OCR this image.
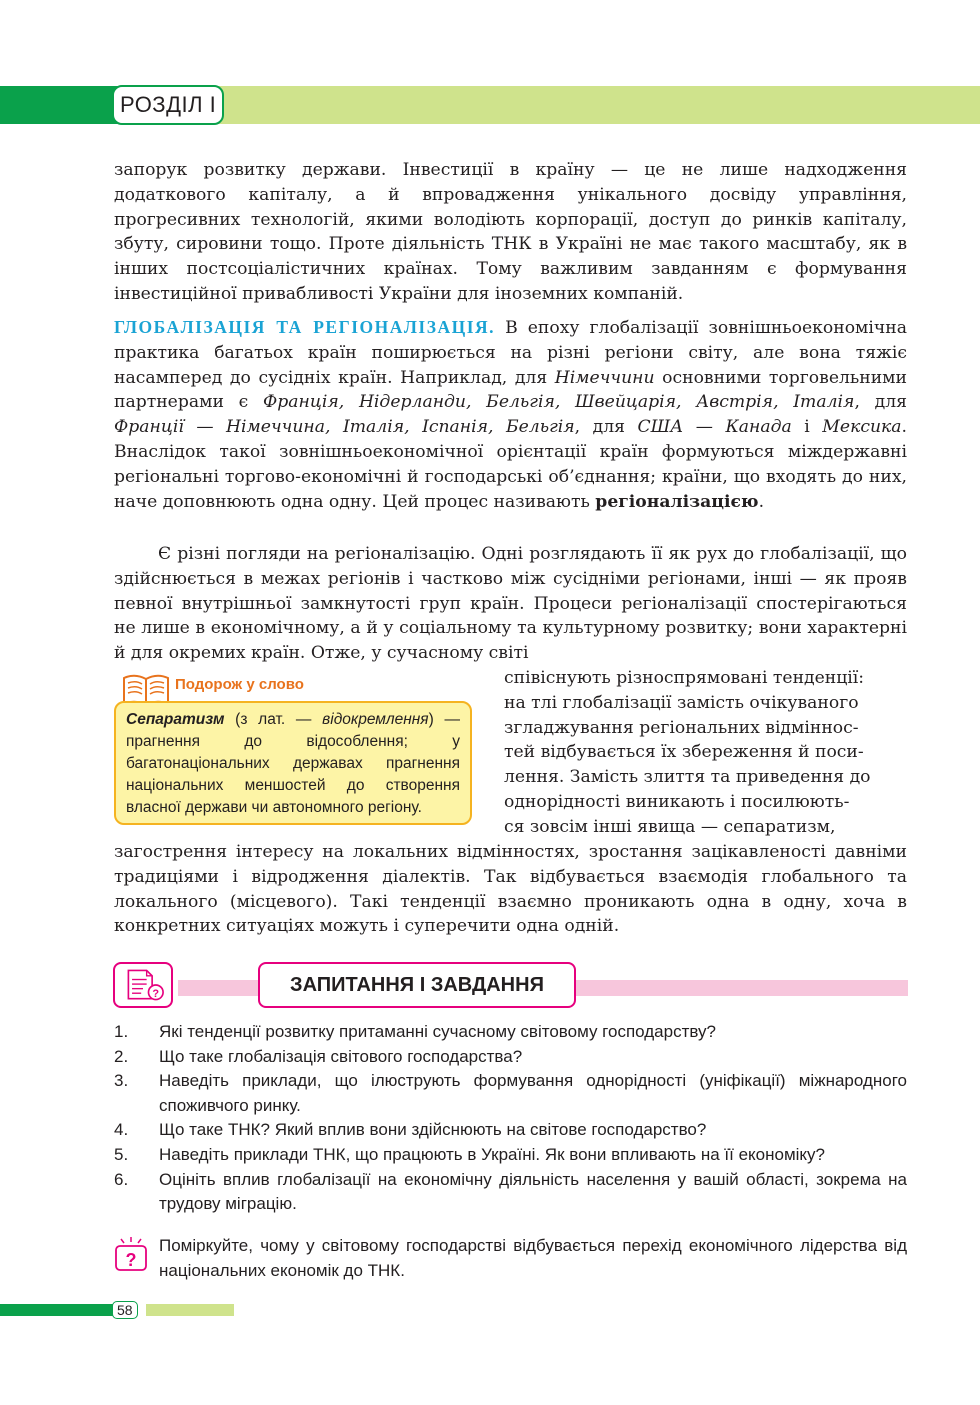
РОЗДІЛ I

запорук розвитку держави. Інвестиції в країну — це не лише надходження додаткового капіталу, а й впровадження унікального досвіду управління, прогресивних технологій, якими володіють корпорації, доступ до ринків капіталу, збуту, сировини тощо. Проте діяльність ТНК в Україні не має такого масштабу, як в інших постсоціалістичних країнах. Тому важливим завданням є формування інвестиційної привабливості України для іноземних компаній.

ГЛОБАЛІЗАЦІЯ ТА РЕГІОНАЛІЗАЦІЯ. В епоху глобалізації зовнішньоекономічна практика багатьох країн поширюється на різні регіони світу, але вона тяжіє насамперед до сусідніх країн. Наприклад, для Німеччини основними торговельними партнерами є Франція, Нідерланди, Бельгія, Швейцарія, Австрія, Італія, для Франції — Німеччина, Італія, Іспанія, Бельгія, для США — Канада і Мексика. Внаслідок такої зовнішньоекономічної орієнтації країн формуються міждержавні регіональні торгово-економічні й господарські об’єднання; країни, що входять до них, наче доповнюють одна одну. Цей процес називають регіоналізацією.

Є різні погляди на регіоналізацію. Одні розглядають її як рух до глобалізації, що здійснюється в межах регіонів і частково між сусідніми регіонами, інші — як прояв певної внутрішньої замкнутості груп країн. Процеси регіоналізації спостерігаються не лише в економічному, а й у соціальному та культурному розвитку; вони характерні й для окремих країн. Отже, у сучасному світі

співіснують різноспрямовані тенденції:
на тлі глобалізації замість очікуваного
згладжування регіональних відміннос-
тей відбувається їх збереження й поси-
лення. Замість злиття та приведення до
однорідності виникають і посилюють-
ся зовсім інші явища — сепаратизм,
Подорож у слово
Сепаратизм (з лат. — відокремлення) — прагнення до відособлення; у багатонаціональних державах прагнення національних меншостей до створення власної держави чи автономного регіону.

загострення інтересу на локальних відмінностях, зростання зацікавленості давніми традиціями і відродження діалектів. Так відбувається взаємодія глобального та локального (місцевого). Такі тенденції взаємно проникають одна в одну, хоча в конкретних ситуаціях можуть і суперечити одна одній.

?	ЗАПИТАННЯ І ЗАВДАННЯ
1.	Які тенденції розвитку притаманні сучасному світовому господарству?
2.	Що таке глобалізація світового господарства?
3.	Наведіть приклади, що ілюструють формування однорідності (уніфікації) міжнародного споживчого ринку.
4.	Що таке ТНК? Який вплив вони здійснюють на світове господарство?
5.	Наведіть приклади ТНК, що працюють в Україні. Як вони впливають на її економіку?
6.	Оцініть вплив глобалізації на економічну діяльність населення у вашій області, зокрема на трудову міграцію.
?
Поміркуйте, чому у світовому господарстві відбувається перехід економічного лідерства від національних економік до ТНК.
58
